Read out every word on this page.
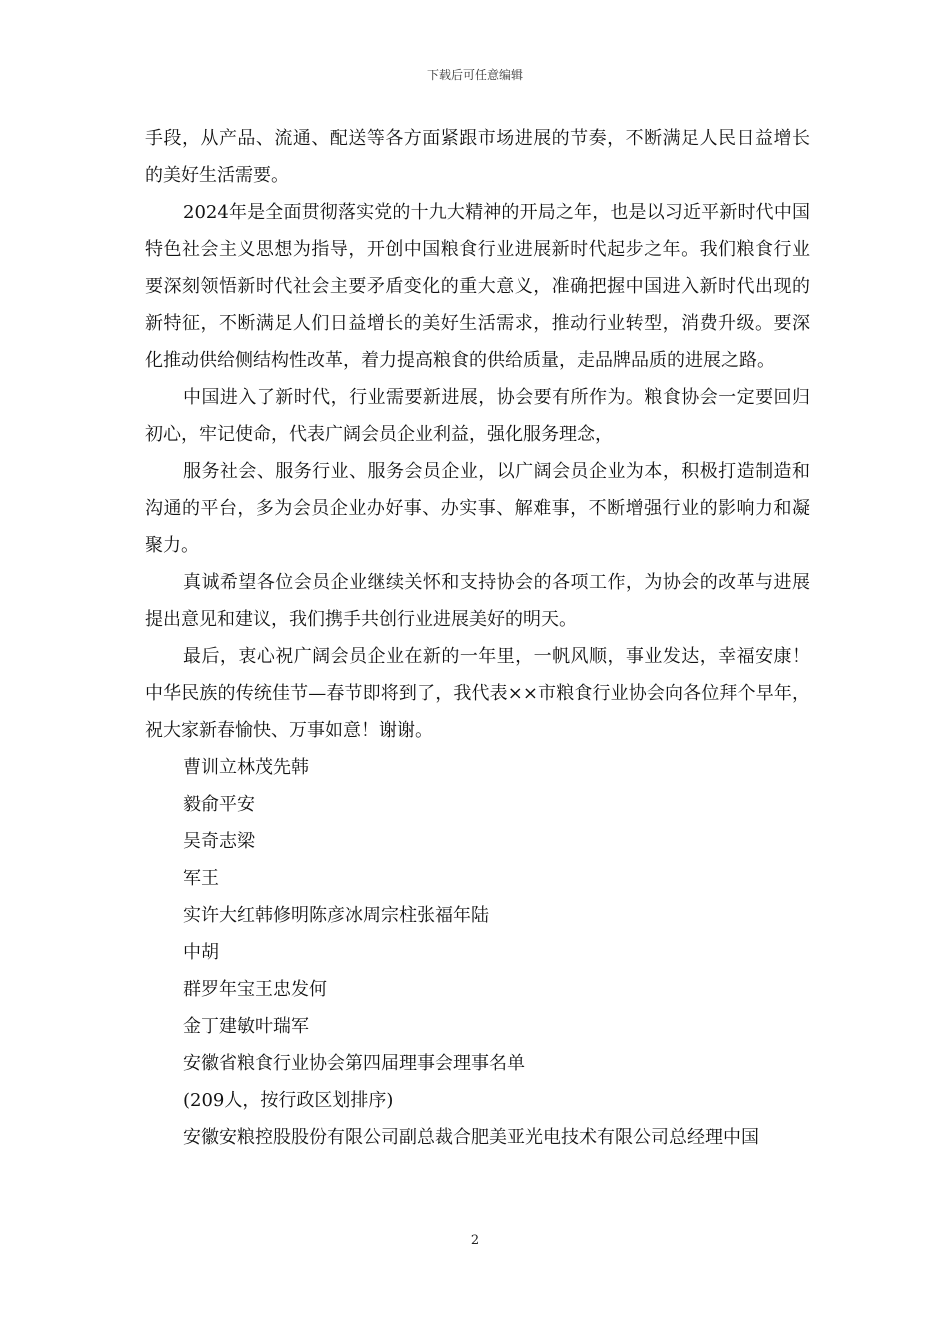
下载后可任意编辑

手段，从产品、流通、配送等各方面紧跟市场进展的节奏，不断满足人民日益增长的美好生活需要。

2024年是全面贯彻落实党的十九大精神的开局之年，也是以习近平新时代中国特色社会主义思想为指导，开创中国粮食行业进展新时代起步之年。我们粮食行业要深刻领悟新时代社会主要矛盾变化的重大意义，准确把握中国进入新时代出现的新特征，不断满足人们日益增长的美好生活需求，推动行业转型，消费升级。要深化推动供给侧结构性改革，着力提高粮食的供给质量，走品牌品质的进展之路。

中国进入了新时代，行业需要新进展，协会要有所作为。粮食协会一定要回归初心，牢记使命，代表广阔会员企业利益，强化服务理念，

服务社会、服务行业、服务会员企业，以广阔会员企业为本，积极打造制造和沟通的平台，多为会员企业办好事、办实事、解难事，不断增强行业的影响力和凝聚力。

真诚希望各位会员企业继续关怀和支持协会的各项工作，为协会的改革与进展提出意见和建议，我们携手共创行业进展美好的明天。

最后，衷心祝广阔会员企业在新的一年里，一帆风顺，事业发达，幸福安康！中华民族的传统佳节—春节即将到了，我代表××市粮食行业协会向各位拜个早年，祝大家新春愉快、万事如意！谢谢。

曹训立林茂先韩

毅俞平安

吴奇志梁

军王

实许大红韩修明陈彦冰周宗柱张福年陆

中胡

群罗年宝王忠发何

金丁建敏叶瑞军

安徽省粮食行业协会第四届理事会理事名单

(209人，按行政区划排序)

安徽安粮控股股份有限公司副总裁合肥美亚光电技术有限公司总经理中国

2
